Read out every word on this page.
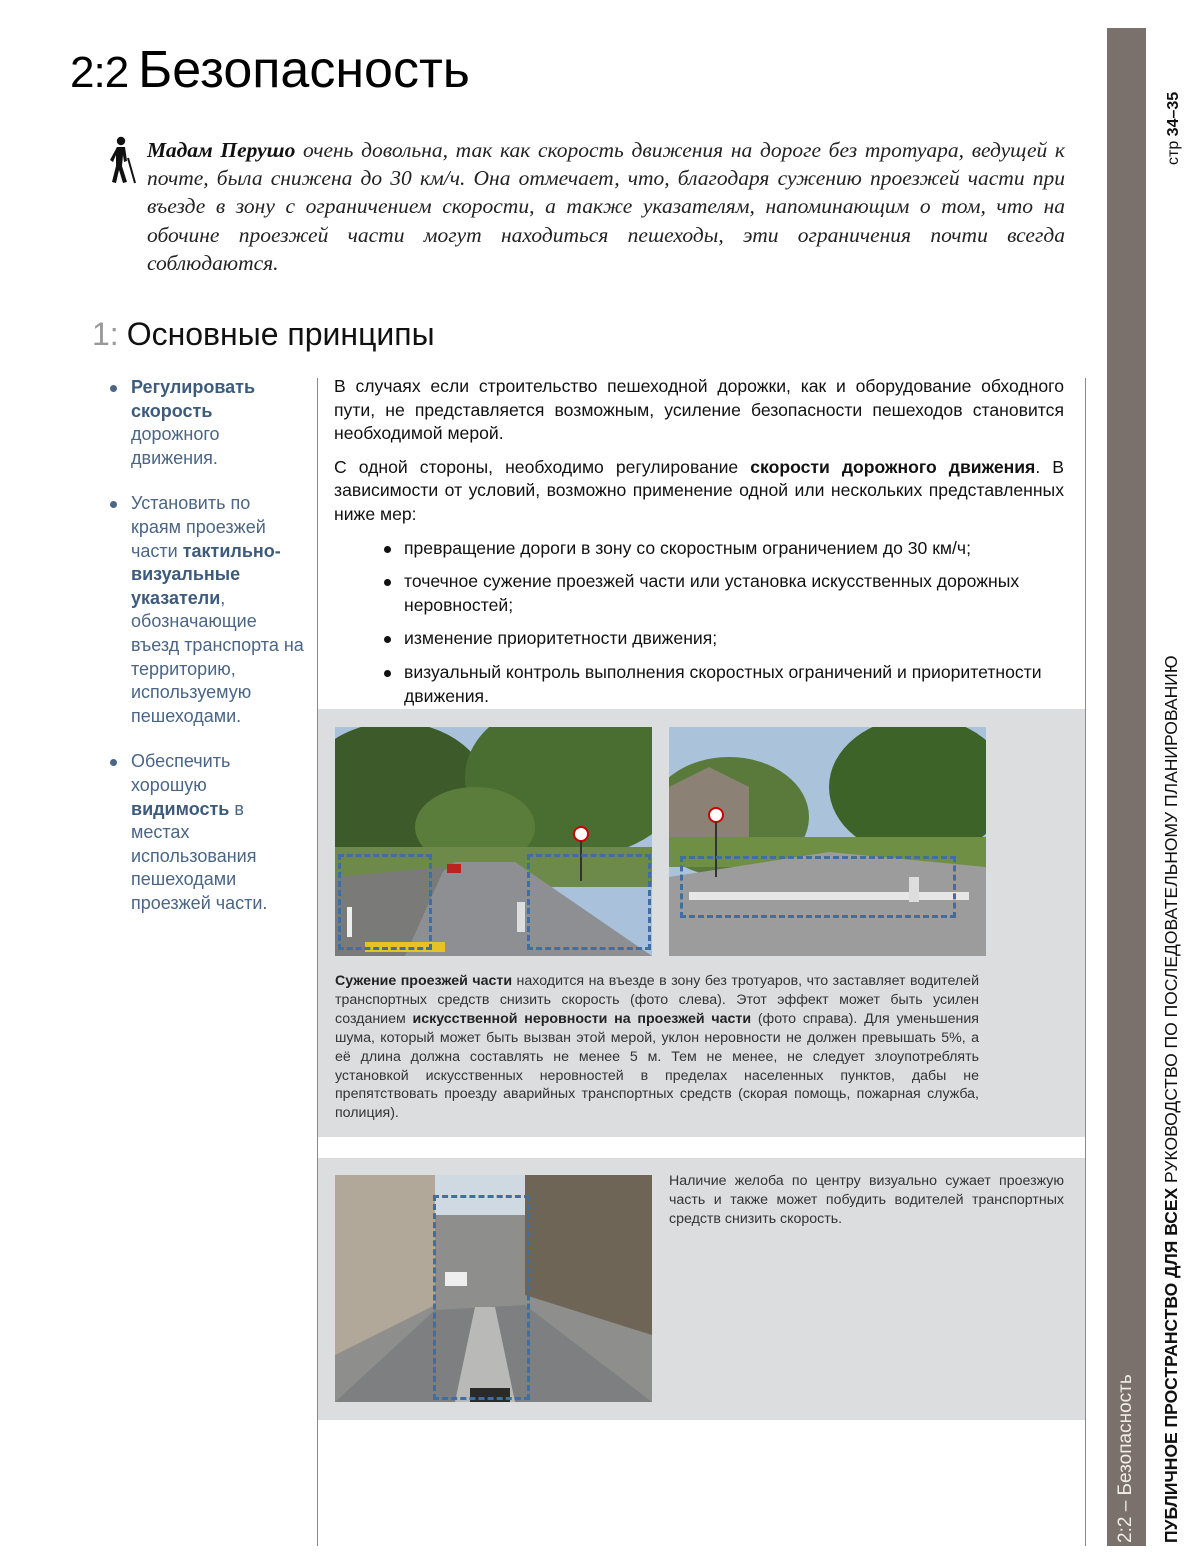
2:2 Безопасность
Мадам Перушо очень довольна, так как скорость движения на дороге без тротуара, ведущей к почте, была снижена до 30 км/ч. Она отмечает, что, благодаря сужению проезжей части при въезде в зону с ограничением скорости, а также указателям, напоминающим о том, что на обочине проезжей части могут находиться пешеходы, эти ограничения почти всегда соблюдаются.
1: Основные принципы
Регулировать скорость дорожного движения.
Установить по краям проезжей части тактильно-визуальные указатели, обозначающие въезд транспорта на территорию, используемую пешеходами.
Обеспечить хорошую видимость в местах использования пешеходами проезжей части.

В случаях если строительство пешеходной дорожки, как и оборудование обходного пути, не представляется возможным, усиление безопасности пешеходов становится необходимой мерой.

С одной стороны, необходимо регулирование скорости дорожного движения. В зависимости от условий, возможно применение одной или нескольких представленных ниже мер:

превращение дороги в зону со скоростным ограничением до 30 км/ч;
точечное сужение проезжей части или установка искусственных дорожных неровностей;
изменение приоритетности движения;
визуальный контроль выполнения скоростных ограничений и приоритетности движения.
Сужение проезжей части находится на въезде в зону без тротуаров, что заставляет водителей транспортных средств снизить скорость (фото слева). Этот эффект может быть усилен созданием искусственной неровности на проезжей части (фото справа). Для уменьшения шума, который может быть вызван этой мерой, уклон неровности не должен превышать 5%, а её длина должна составлять не менее 5 м. Тем не менее, не следует злоупотреблять установкой искусственных неровностей в пределах населенных пунктов, дабы не препятствовать проезду аварийных транспортных средств (скорая помощь, пожарная служба, полиция).
Наличие желоба по центру визуально сужает проезжую часть и также может побудить водителей транспортных средств снизить скорость.
2:2 – Безопасность ПУБЛИЧНОЕ ПРОСТРАНСТВО ДЛЯ ВСЕХ РУКОВОДСТВО ПО ПОСЛЕДОВАТЕЛЬНОМУ ПЛАНИРОВАНИЮ
стр 34–35
